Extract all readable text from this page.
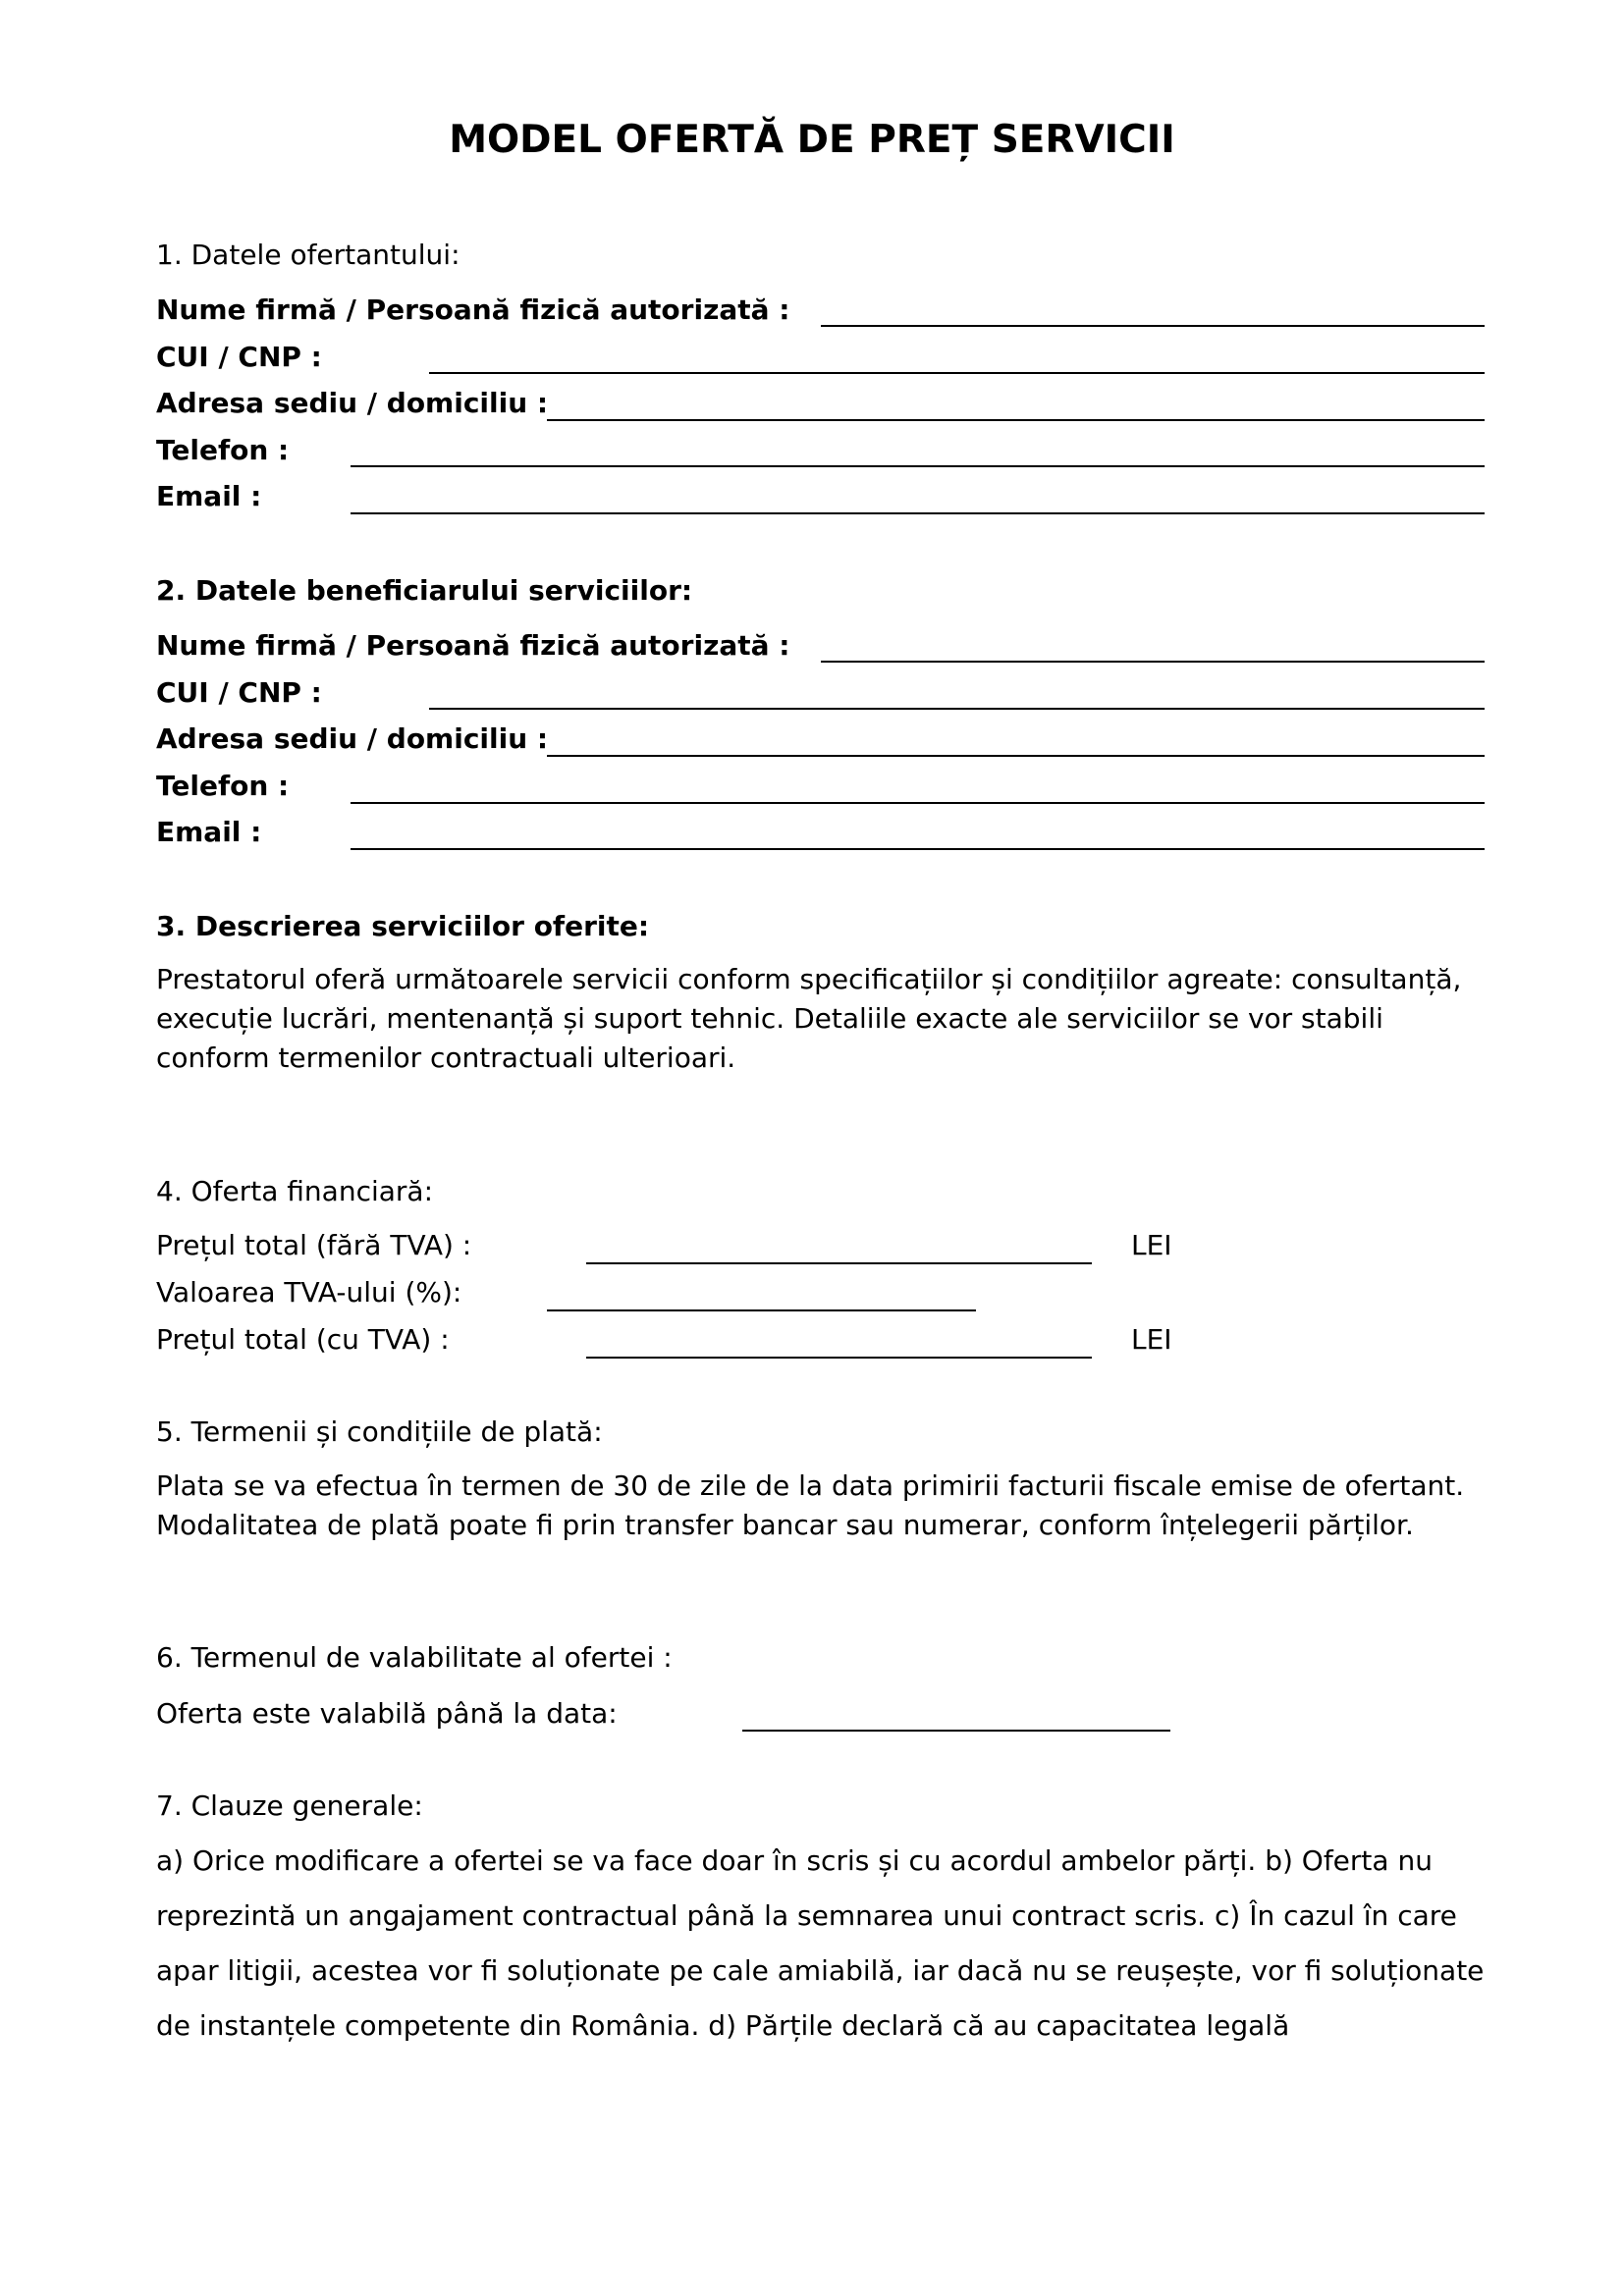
MODEL OFERTĂ DE PREȚ SERVICII
1. Datele ofertantului:
Nume firmă / Persoană fizică autorizată :
CUI / CNP :
Adresa sediu / domiciliu :
Telefon :
Email :
2. Datele beneficiarului serviciilor:
Nume firmă / Persoană fizică autorizată :
CUI / CNP :
Adresa sediu / domiciliu :
Telefon :
Email :
3. Descrierea serviciilor oferite:
Prestatorul oferă următoarele servicii conform specificațiilor și condițiilor agreate: consultanță, execuție lucrări, mentenanță și suport tehnic. Detaliile exacte ale serviciilor se vor stabili conform termenilor contractuali ulterioari.
4. Oferta financiară:
Prețul total (fără TVA) :	LEI
Valoarea TVA-ului (%):
Prețul total (cu TVA) :	LEI
5. Termenii și condițiile de plată:
Plata se va efectua în termen de 30 de zile de la data primirii facturii fiscale emise de ofertant. Modalitatea de plată poate fi prin transfer bancar sau numerar, conform înțelegerii părților.
6. Termenul de valabilitate al ofertei :
Oferta este valabilă până la data:
7. Clauze generale:
a) Orice modificare a ofertei se va face doar în scris și cu acordul ambelor părți. b) Oferta nu reprezintă un angajament contractual până la semnarea unui contract scris. c) În cazul în care apar litigii, acestea vor fi soluționate pe cale amiabilă, iar dacă nu se reușește, vor fi soluționate de instanțele competente din România. d) Părțile declară că au capacitatea legală
